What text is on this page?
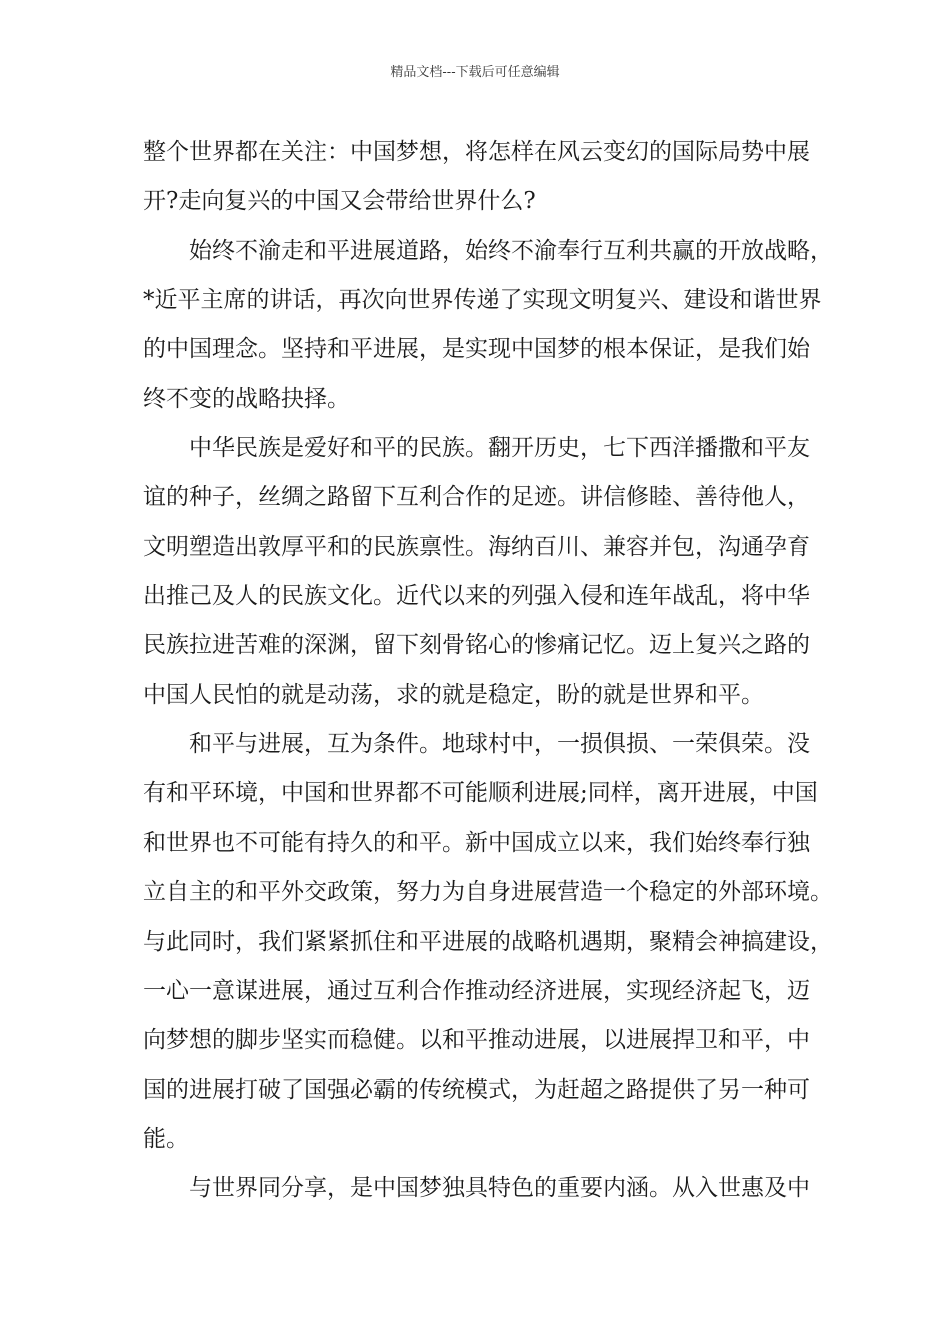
精品文档---下载后可任意编辑
整个世界都在关注：中国梦想，将怎样在风云变幻的国际局势中展
开?走向复兴的中国又会带给世界什么?
始终不渝走和平进展道路，始终不渝奉行互利共赢的开放战略，
*近平主席的讲话，再次向世界传递了实现文明复兴、建设和谐世界
的中国理念。坚持和平进展，是实现中国梦的根本保证，是我们始
终不变的战略抉择。
中华民族是爱好和平的民族。翻开历史，七下西洋播撒和平友
谊的种子，丝绸之路留下互利合作的足迹。讲信修睦、善待他人，
文明塑造出敦厚平和的民族禀性。海纳百川、兼容并包，沟通孕育
出推己及人的民族文化。近代以来的列强入侵和连年战乱，将中华
民族拉进苦难的深渊，留下刻骨铭心的惨痛记忆。迈上复兴之路的
中国人民怕的就是动荡，求的就是稳定，盼的就是世界和平。
和平与进展，互为条件。地球村中，一损俱损、一荣俱荣。没
有和平环境，中国和世界都不可能顺利进展;同样，离开进展，中国
和世界也不可能有持久的和平。新中国成立以来，我们始终奉行独
立自主的和平外交政策，努力为自身进展营造一个稳定的外部环境。
与此同时，我们紧紧抓住和平进展的战略机遇期，聚精会神搞建设，
一心一意谋进展，通过互利合作推动经济进展，实现经济起飞，迈
向梦想的脚步坚实而稳健。以和平推动进展，以进展捍卫和平，中
国的进展打破了国强必霸的传统模式，为赶超之路提供了另一种可
能。
与世界同分享，是中国梦独具特色的重要内涵。从入世惠及中
